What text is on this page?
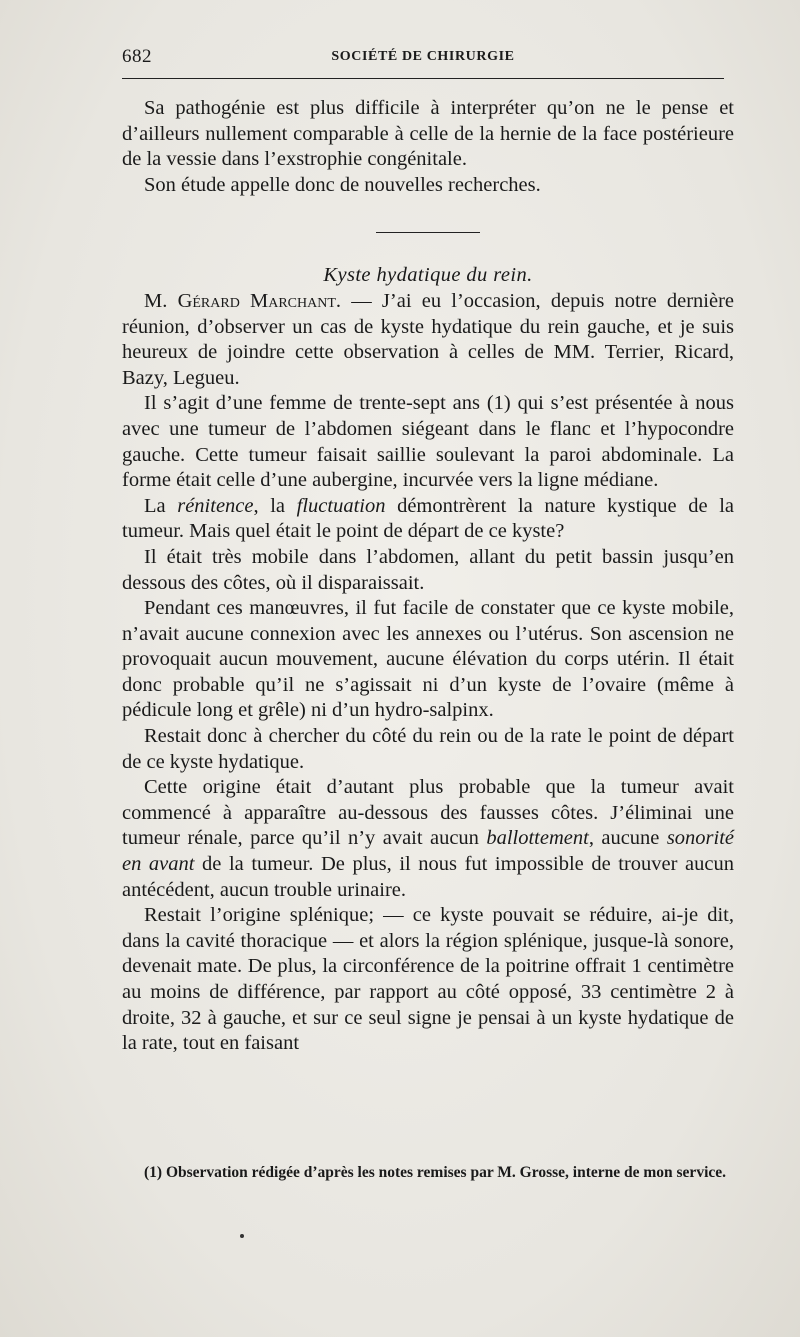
682	SOCIÉTÉ DE CHIRURGIE

Sa pathogénie est plus difficile à interpréter qu’on ne le pense et d’ailleurs nullement comparable à celle de la hernie de la face postérieure de la vessie dans l’exstrophie congénitale.

Son étude appelle donc de nouvelles recherches.

Kyste hydatique du rein.

M. Gérard Marchant. — J’ai eu l’occasion, depuis notre dernière réunion, d’observer un cas de kyste hydatique du rein gauche, et je suis heureux de joindre cette observation à celles de MM. Terrier, Ricard, Bazy, Legueu.

Il s’agit d’une femme de trente-sept ans (1) qui s’est présentée à nous avec une tumeur de l’abdomen siégeant dans le flanc et l’hypocondre gauche. Cette tumeur faisait saillie soulevant la paroi abdominale. La forme était celle d’une aubergine, incurvée vers la ligne médiane.

La rénitence, la fluctuation démontrèrent la nature kystique de la tumeur. Mais quel était le point de départ de ce kyste?

Il était très mobile dans l’abdomen, allant du petit bassin jusqu’en dessous des côtes, où il disparaissait.

Pendant ces manœuvres, il fut facile de constater que ce kyste mobile, n’avait aucune connexion avec les annexes ou l’utérus. Son ascension ne provoquait aucun mouvement, aucune élévation du corps utérin. Il était donc probable qu’il ne s’agissait ni d’un kyste de l’ovaire (même à pédicule long et grêle) ni d’un hydro-salpinx.

Restait donc à chercher du côté du rein ou de la rate le point de départ de ce kyste hydatique.

Cette origine était d’autant plus probable que la tumeur avait commencé à apparaître au-dessous des fausses côtes. J’éliminai une tumeur rénale, parce qu’il n’y avait aucun ballottement, aucune sonorité en avant de la tumeur. De plus, il nous fut impossible de trouver aucun antécédent, aucun trouble urinaire.

Restait l’origine splénique; — ce kyste pouvait se réduire, ai-je dit, dans la cavité thoracique — et alors la région splénique, jusque-là sonore, devenait mate. De plus, la circonférence de la poitrine offrait 1 centimètre au moins de différence, par rapport au côté opposé, 33 centimètre 2 à droite, 32 à gauche, et sur ce seul signe je pensai à un kyste hydatique de la rate, tout en faisant

(1) Observation rédigée d’après les notes remises par M. Grosse, interne de mon service.
